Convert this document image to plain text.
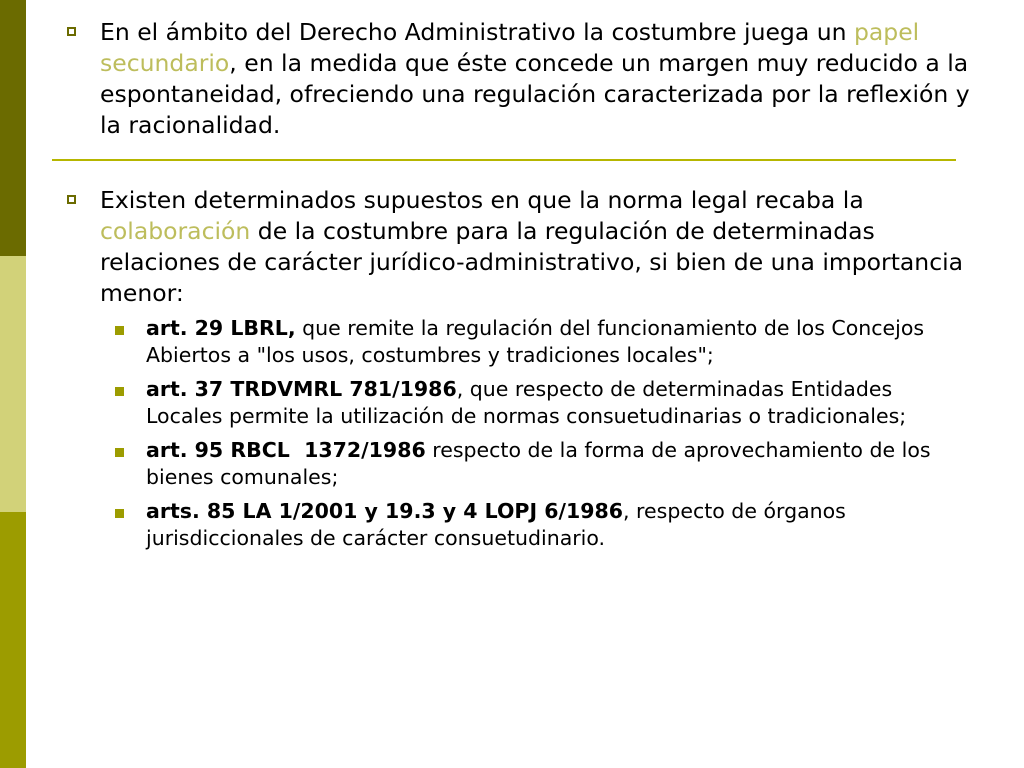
En el ámbito del Derecho Administrativo la costumbre juega un papel secundario, en la medida que éste concede un margen muy reducido a la espontaneidad, ofreciendo una regulación caracterizada por la reflexión y la racionalidad.
Existen determinados supuestos en que la norma legal recaba la colaboración de la costumbre para la regulación de determinadas relaciones de carácter jurídico-administrativo, si bien de una importancia menor:
art. 29 LBRL, que remite la regulación del funcionamiento de los Concejos Abiertos a "los usos, costumbres y tradiciones locales";
art. 37 TRDVMRL 781/1986, que respecto de determinadas Entidades Locales permite la utilización de normas consuetudinarias o tradicionales;
art. 95 RBCL  1372/1986 respecto de la forma de aprovechamiento de los bienes comunales;
arts. 85 LA 1/2001 y 19.3 y 4 LOPJ 6/1986, respecto de órganos jurisdiccionales de carácter consuetudinario.
